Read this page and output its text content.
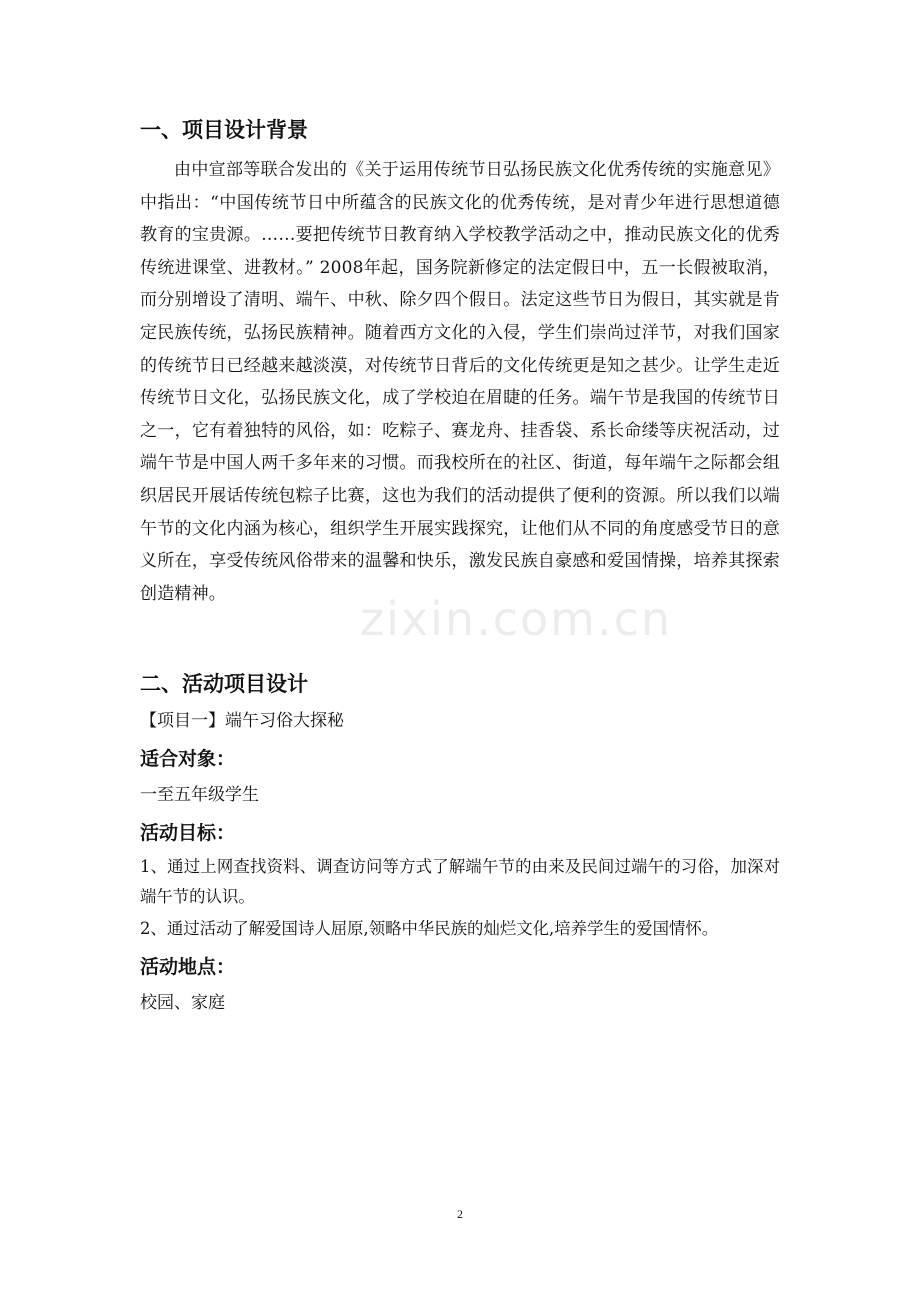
一、项目设计背景

由中宣部等联合发出的《关于运用传统节日弘扬民族文化优秀传统的实施意见》中指出：“中国传统节日中所蕴含的民族文化的优秀传统，是对青少年进行思想道德教育的宝贵源。……要把传统节日教育纳入学校教学活动之中，推动民族文化的优秀传统进课堂、进教材。” 2008年起，国务院新修定的法定假日中，五一长假被取消，而分别增设了清明、端午、中秋、除夕四个假日。法定这些节日为假日，其实就是肯定民族传统，弘扬民族精神。随着西方文化的入侵，学生们崇尚过洋节，对我们国家的传统节日已经越来越淡漠，对传统节日背后的文化传统更是知之甚少。让学生走近传统节日文化，弘扬民族文化，成了学校迫在眉睫的任务。端午节是我国的传统节日之一，它有着独特的风俗，如：吃粽子、赛龙舟、挂香袋、系长命缕等庆祝活动，过端午节是中国人两千多年来的习惯。而我校所在的社区、街道，每年端午之际都会组织居民开展话传统包粽子比赛，这也为我们的活动提供了便利的资源。所以我们以端午节的文化内涵为核心，组织学生开展实践探究，让他们从不同的角度感受节日的意义所在，享受传统风俗带来的温馨和快乐，激发民族自豪感和爱国情操，培养其探索创造精神。

二、活动项目设计

【项目一】端午习俗大探秘

适合对象：

一至五年级学生

活动目标：

1、通过上网查找资料、调查访问等方式了解端午节的由来及民间过端午的习俗，加深对端午节的认识。

2、通过活动了解爱国诗人屈原,领略中华民族的灿烂文化,培养学生的爱国情怀。

活动地点：

校园、家庭

zixin.com.cn
2
